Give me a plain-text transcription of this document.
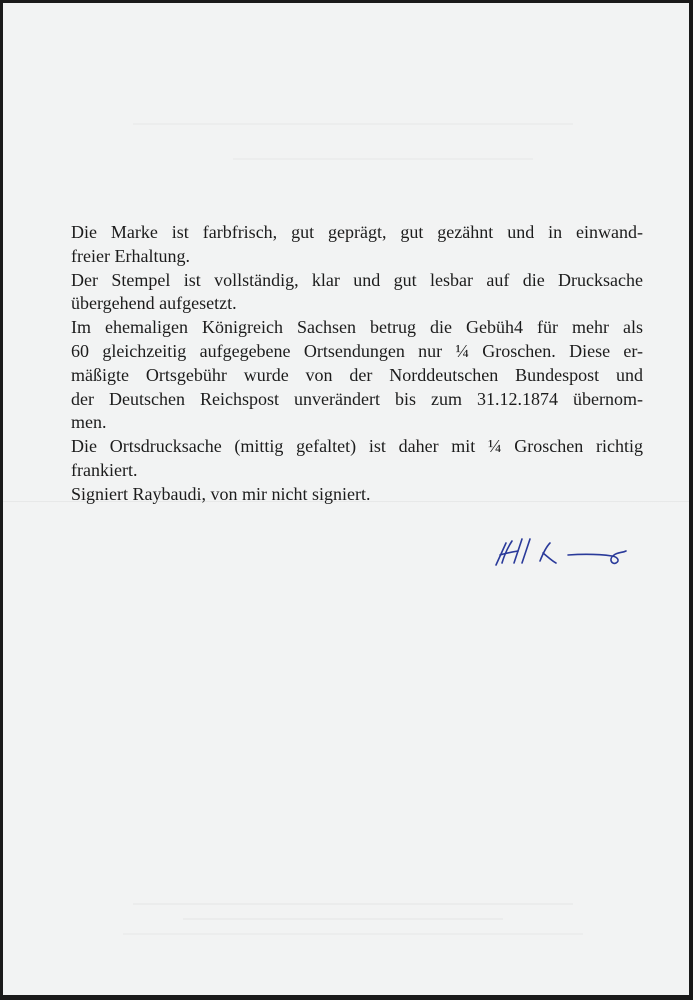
Die Marke ist farbfrisch, gut geprägt, gut gezähnt und in einwand-
freier Erhaltung.
Der Stempel ist vollständig, klar und gut lesbar auf die Drucksache
übergehend aufgesetzt.
Im ehemaligen Königreich Sachsen betrug die Gebüh4 für mehr als
60 gleichzeitig aufgegebene Ortsendungen nur ¼ Groschen. Diese er-
mäßigte Ortsgebühr wurde von der Norddeutschen Bundespost und
der Deutschen Reichspost unverändert bis zum 31.12.1874 übernom-
men.
Die Ortsdrucksache (mittig gefaltet) ist daher mit ¼ Groschen richtig
frankiert.
Signiert Raybaudi, von mir nicht signiert.
